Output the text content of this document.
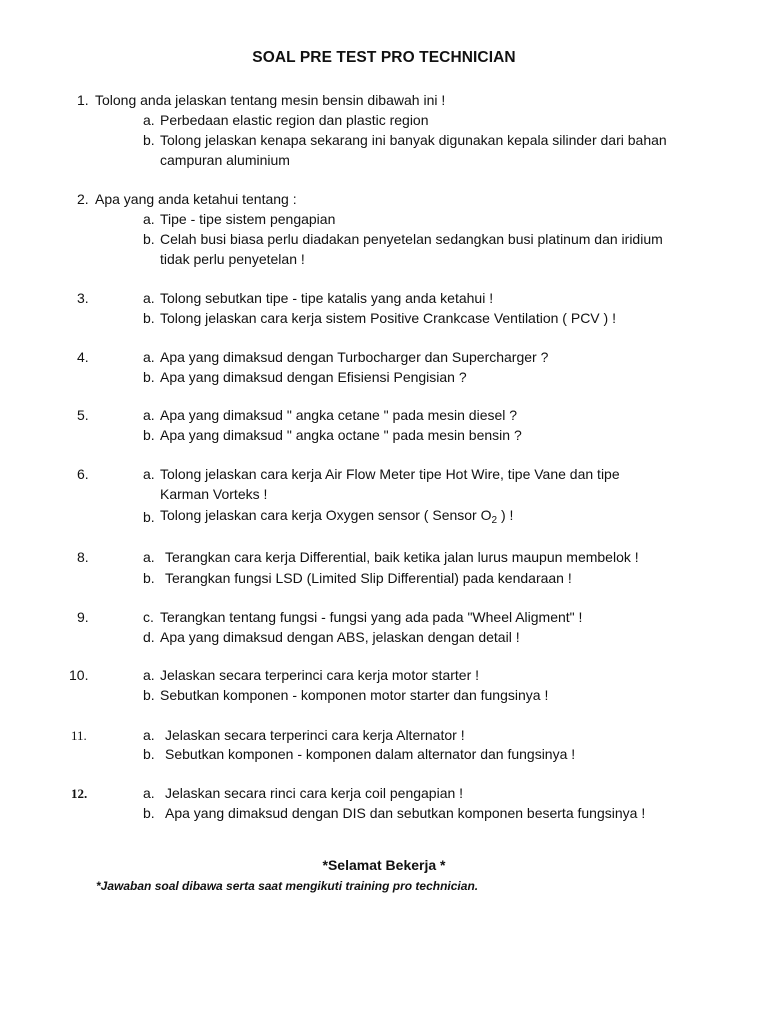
SOAL PRE TEST PRO TECHNICIAN
1. Tolong anda jelaskan tentang mesin bensin dibawah ini !
a. Perbedaan elastic region dan plastic region
b. Tolong jelaskan kenapa sekarang ini banyak digunakan kepala silinder dari bahan
campuran aluminium
2. Apa yang anda ketahui tentang :
a. Tipe - tipe sistem pengapian
b. Celah busi biasa perlu diadakan penyetelan sedangkan busi platinum dan iridium
tidak perlu penyetelan !
3.	a. Tolong sebutkan tipe - tipe katalis yang anda ketahui !
b. Tolong jelaskan cara kerja sistem Positive Crankcase Ventilation ( PCV ) !
4.	a. Apa yang dimaksud dengan Turbocharger dan Supercharger ?
b. Apa yang dimaksud dengan Efisiensi Pengisian ?
5.	a. Apa yang dimaksud " angka cetane " pada mesin diesel ?
b. Apa yang dimaksud " angka octane " pada mesin bensin ?
6.	a. Tolong jelaskan cara kerja Air Flow Meter tipe Hot Wire, tipe Vane dan tipe
Karman Vorteks !
b. Tolong jelaskan cara kerja Oxygen sensor ( Sensor $O_2$ ) !
8.	a. Terangkan cara kerja Differential, baik ketika jalan lurus maupun membelok !
b. Terangkan fungsi LSD (Limited Slip Differential) pada kendaraan !
9.	c. Terangkan tentang fungsi - fungsi yang ada pada "Wheel Aligment" !
d. Apa yang dimaksud dengan ABS, jelaskan dengan detail !
10.	a. Jelaskan secara terperinci cara kerja motor starter !
b. Sebutkan komponen - komponen motor starter dan fungsinya !
11.	a. Jelaskan secara terperinci cara kerja Alternator !
b. Sebutkan komponen - komponen dalam alternator dan fungsinya !
12.	a. Jelaskan secara rinci cara kerja coil pengapian !
b. Apa yang dimaksud dengan DIS dan sebutkan komponen beserta fungsinya !
*Selamat Bekerja *
*Jawaban soal dibawa serta saat mengikuti training pro technician.
